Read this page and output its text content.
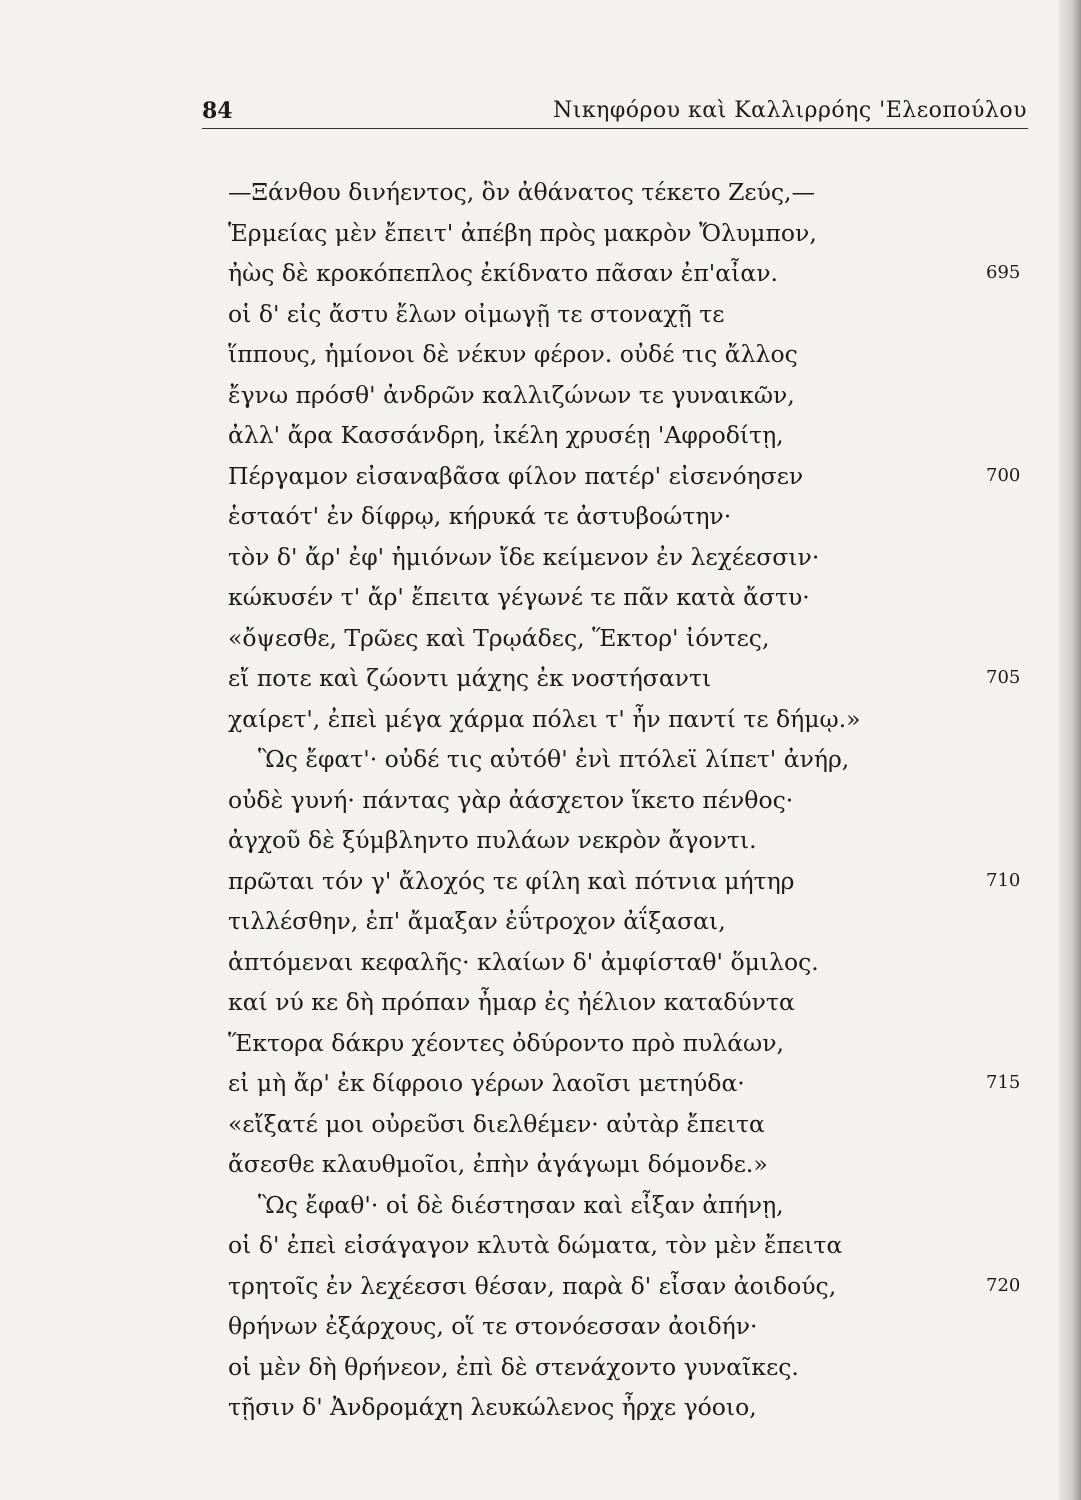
84	Νικηφόρου καὶ Καλλιρρόης 'Ελεοπούλου
—Ξάνθου δινήεντος, ὃν ἀθάνατος τέκετο Ζεύς,—
Ἑρμείας μὲν ἔπειτ' ἀπέβη πρὸς μακρὸν Ὄλυμπον,
ἠὼς δὲ κροκόπεπλος ἐκίδνατο πᾶσαν ἐπ'αἶαν.	695
οἱ δ' εἰς ἄστυ ἔλων οἰμωγῇ τε στοναχῇ τε
ἵππους, ἡμίονοι δὲ νέκυν φέρον. οὐδέ τις ἄλλος
ἔγνω πρόσθ' ἀνδρῶν καλλιζώνων τε γυναικῶν,
ἀλλ' ἄρα Κασσάνδρη, ἰκέλη χρυσέῃ 'Αφροδίτῃ,
Πέργαμον εἰσαναβᾶσα φίλον πατέρ' εἰσενόησεν	700
ἑσταότ' ἐν δίφρῳ, κήρυκά τε ἀστυβοώτην·
τὸν δ' ἄρ' ἐφ' ἡμιόνων ἴδε κείμενον ἐν λεχέεσσιν·
κώκυσέν τ' ἄρ' ἔπειτα γέγωνέ τε πᾶν κατὰ ἄστυ·
«ὄψεσθε, Τρῶες καὶ Τρῳάδες, Ἕκτορ' ἰόντες,
εἴ ποτε καὶ ζώοντι μάχης ἐκ νοστήσαντι	705
χαίρετ', ἐπεὶ μέγα χάρμα πόλει τ' ἦν παντί τε δήμῳ.»
Ὣς ἔφατ'· οὐδέ τις αὐτόθ' ἐνὶ πτόλεϊ λίπετ' ἀνήρ,
οὐδὲ γυνή· πάντας γὰρ ἀάσχετον ἵκετο πένθος·
ἀγχοῦ δὲ ξύμβληντο πυλάων νεκρὸν ἄγοντι.
πρῶται τόν γ' ἄλοχός τε φίλη καὶ πότνια μήτηρ	710
τιλλέσθην, ἐπ' ἄμαξαν ἐΰτροχον ἀΐξασαι,
ἁπτόμεναι κεφαλῆς· κλαίων δ' ἀμφίσταθ' ὅμιλος.
καί νύ κε δὴ πρόπαν ἦμαρ ἐς ἠέλιον καταδύντα
Ἕκτορα δάκρυ χέοντες ὀδύροντο πρὸ πυλάων,
εἰ μὴ ἄρ' ἐκ δίφροιο γέρων λαοῖσι μετηύδα·	715
«εἴξατέ μοι οὐρεῦσι διελθέμεν· αὐτὰρ ἔπειτα
ἄσεσθε κλαυθμοῖοι, ἐπὴν ἀγάγωμι δόμονδε.»
Ὣς ἔφαθ'· οἱ δὲ διέστησαν καὶ εἶξαν ἀπήνῃ,
οἱ δ' ἐπεὶ εἰσάγαγον κλυτὰ δώματα, τὸν μὲν ἔπειτα
τρητοῖς ἐν λεχέεσσι θέσαν, παρὰ δ' εἶσαν ἀοιδούς,	720
θρήνων ἐξάρχους, οἵ τε στονόεσσαν ἀοιδήν·
οἱ μὲν δὴ θρήνεον, ἐπὶ δὲ στενάχοντο γυναῖκες.
τῇσιν δ' Ἀνδρομάχη λευκώλενος ἦρχε γόοιο,
